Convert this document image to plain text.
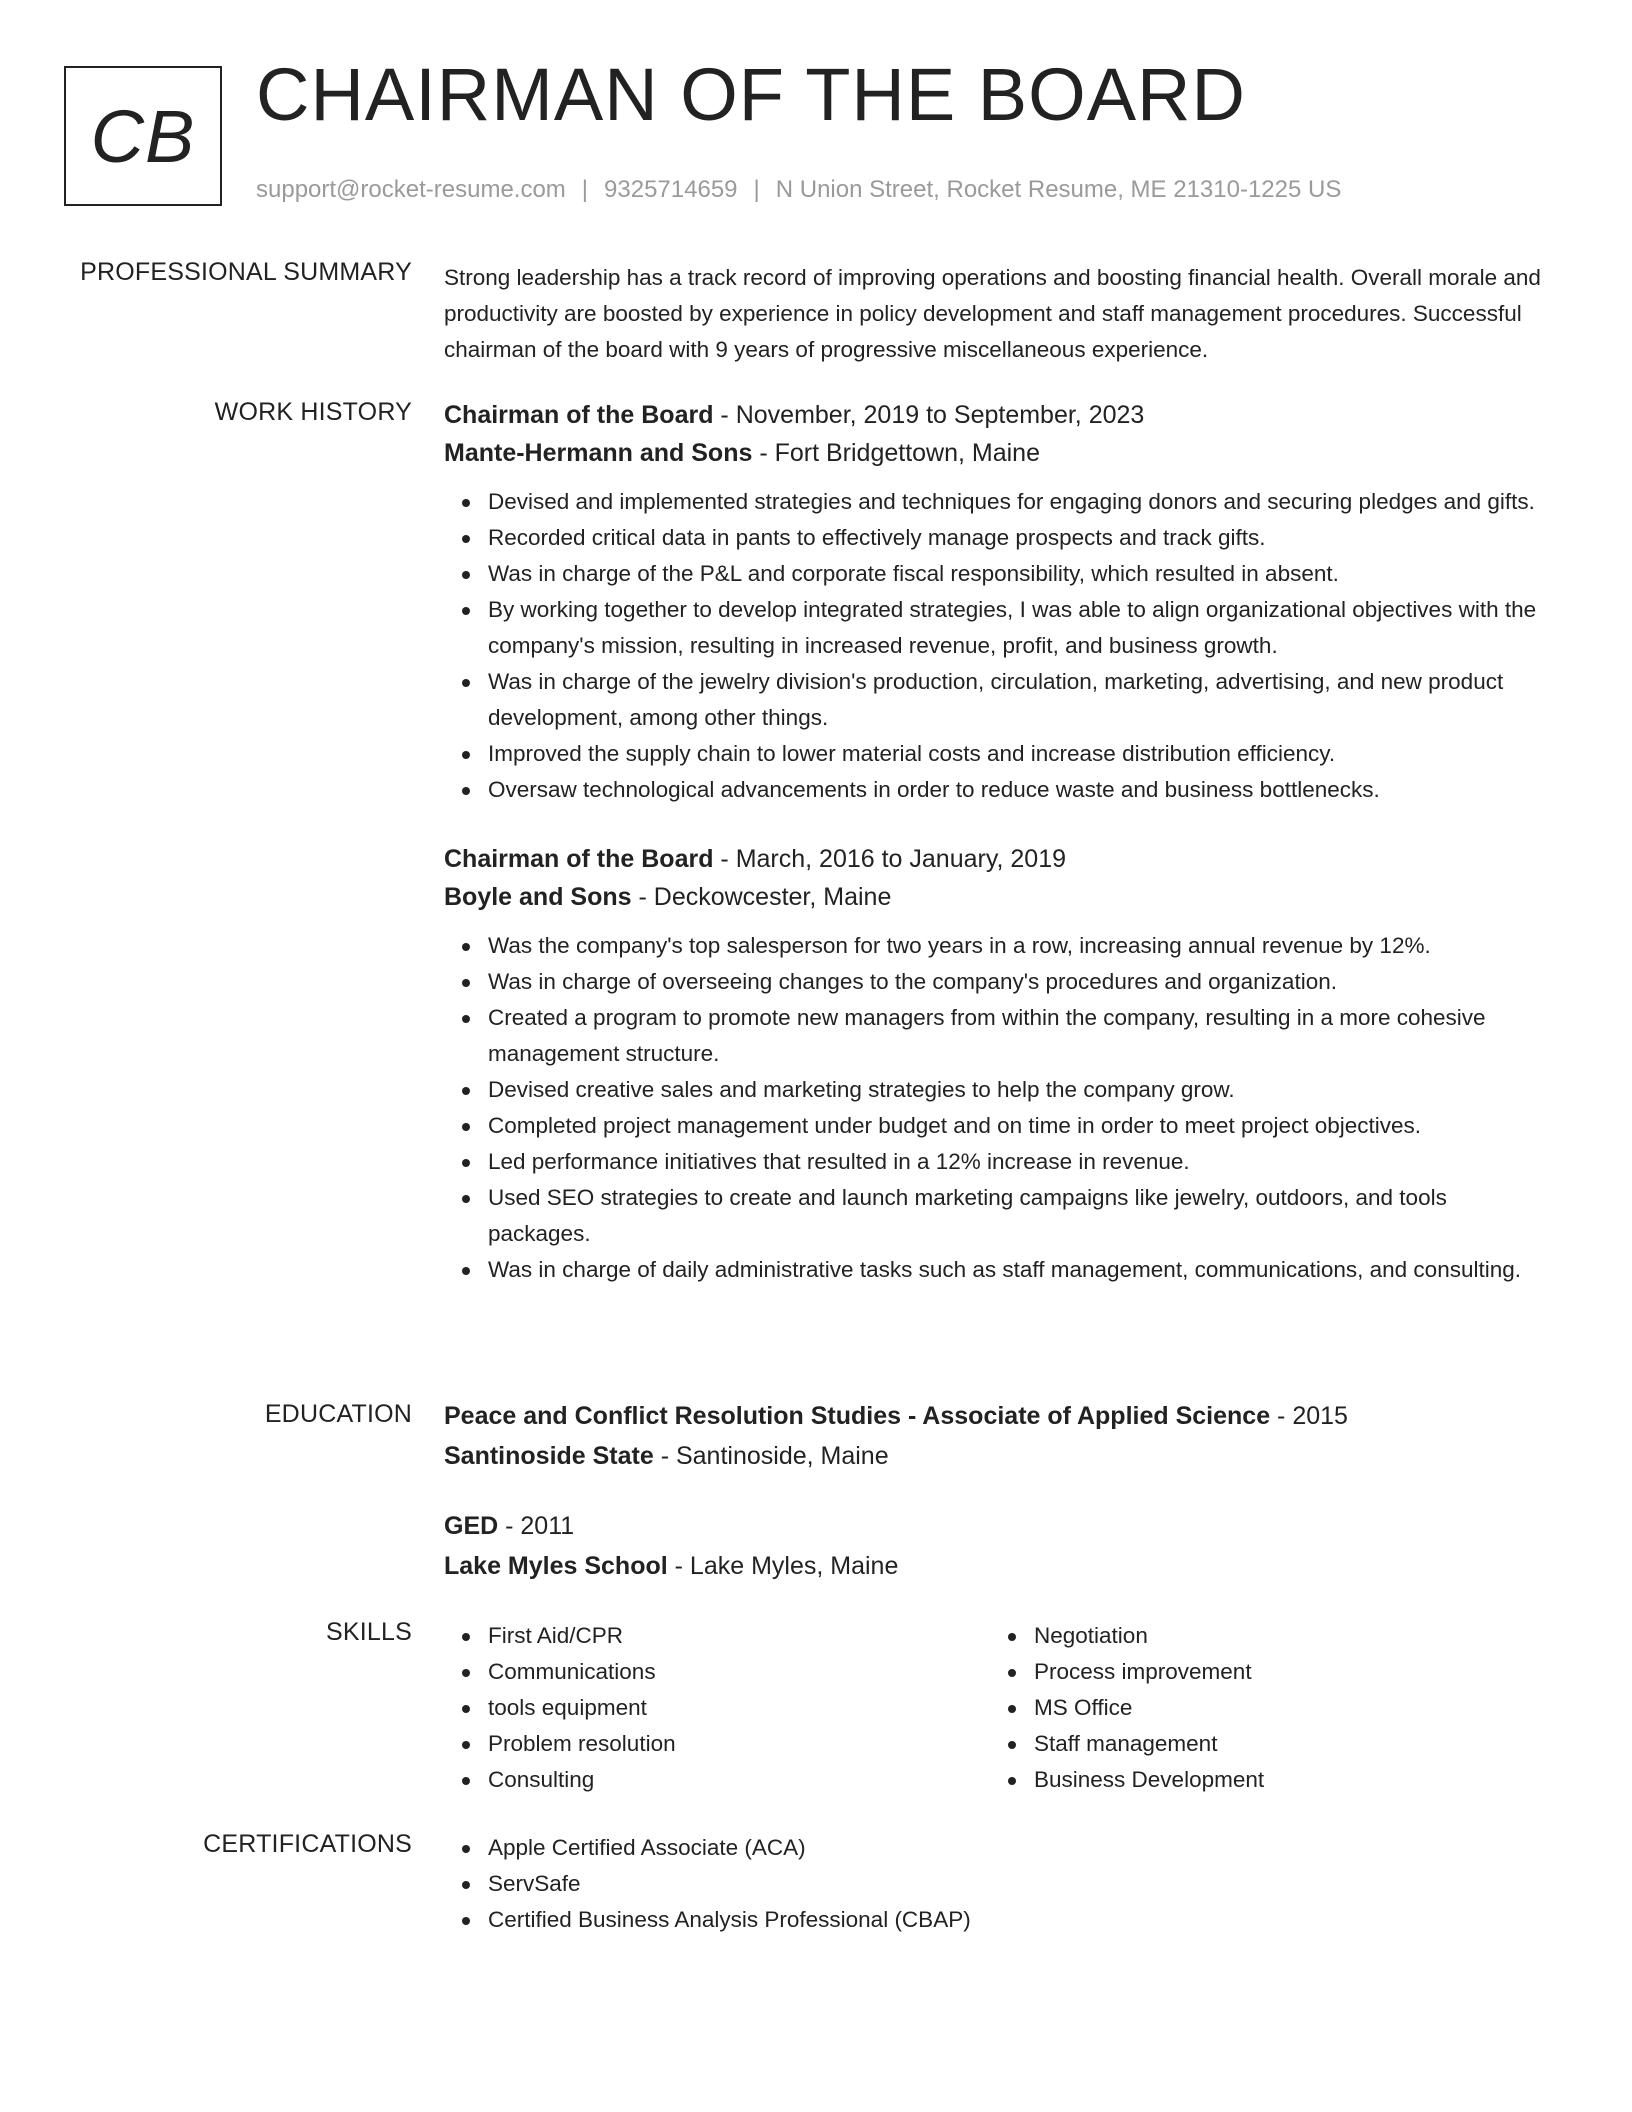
CB CHAIRMAN OF THE BOARD
support@rocket-resume.com | 9325714659 | N Union Street, Rocket Resume, ME 21310-1225 US
PROFESSIONAL SUMMARY Strong leadership has a track record of improving operations and boosting financial health. Overall morale and productivity are boosted by experience in policy development and staff management procedures. Successful chairman of the board with 9 years of progressive miscellaneous experience.

WORK HISTORY Chairman of the Board - November, 2019 to September, 2023
Mante-Hermann and Sons - Fort Bridgettown, Maine
Devised and implemented strategies and techniques for engaging donors and securing pledges and gifts.
Recorded critical data in pants to effectively manage prospects and track gifts.
Was in charge of the P&L and corporate fiscal responsibility, which resulted in absent.
By working together to develop integrated strategies, I was able to align organizational objectives with the company's mission, resulting in increased revenue, profit, and business growth.
Was in charge of the jewelry division's production, circulation, marketing, advertising, and new product development, among other things.
Improved the supply chain to lower material costs and increase distribution efficiency.
Oversaw technological advancements in order to reduce waste and business bottlenecks.
Chairman of the Board - March, 2016 to January, 2019
Boyle and Sons - Deckowcester, Maine
Was the company's top salesperson for two years in a row, increasing annual revenue by 12%.
Was in charge of overseeing changes to the company's procedures and organization.
Created a program to promote new managers from within the company, resulting in a more cohesive management structure.
Devised creative sales and marketing strategies to help the company grow.
Completed project management under budget and on time in order to meet project objectives.
Led performance initiatives that resulted in a 12% increase in revenue.
Used SEO strategies to create and launch marketing campaigns like jewelry, outdoors, and tools packages.
Was in charge of daily administrative tasks such as staff management, communications, and consulting.
EDUCATION Peace and Conflict Resolution Studies - Associate of Applied Science - 2015
Santinoside State - Santinoside, Maine
GED - 2011
Lake Myles School - Lake Myles, Maine
SKILLS	First Aid/CPR
Communications
tools equipment
Problem resolution
Consulting
Negotiation
Process improvement
MS Office
Staff management
Business Development
CERTIFICATIONS	Apple Certified Associate (ACA)
ServSafe
Certified Business Analysis Professional (CBAP)
